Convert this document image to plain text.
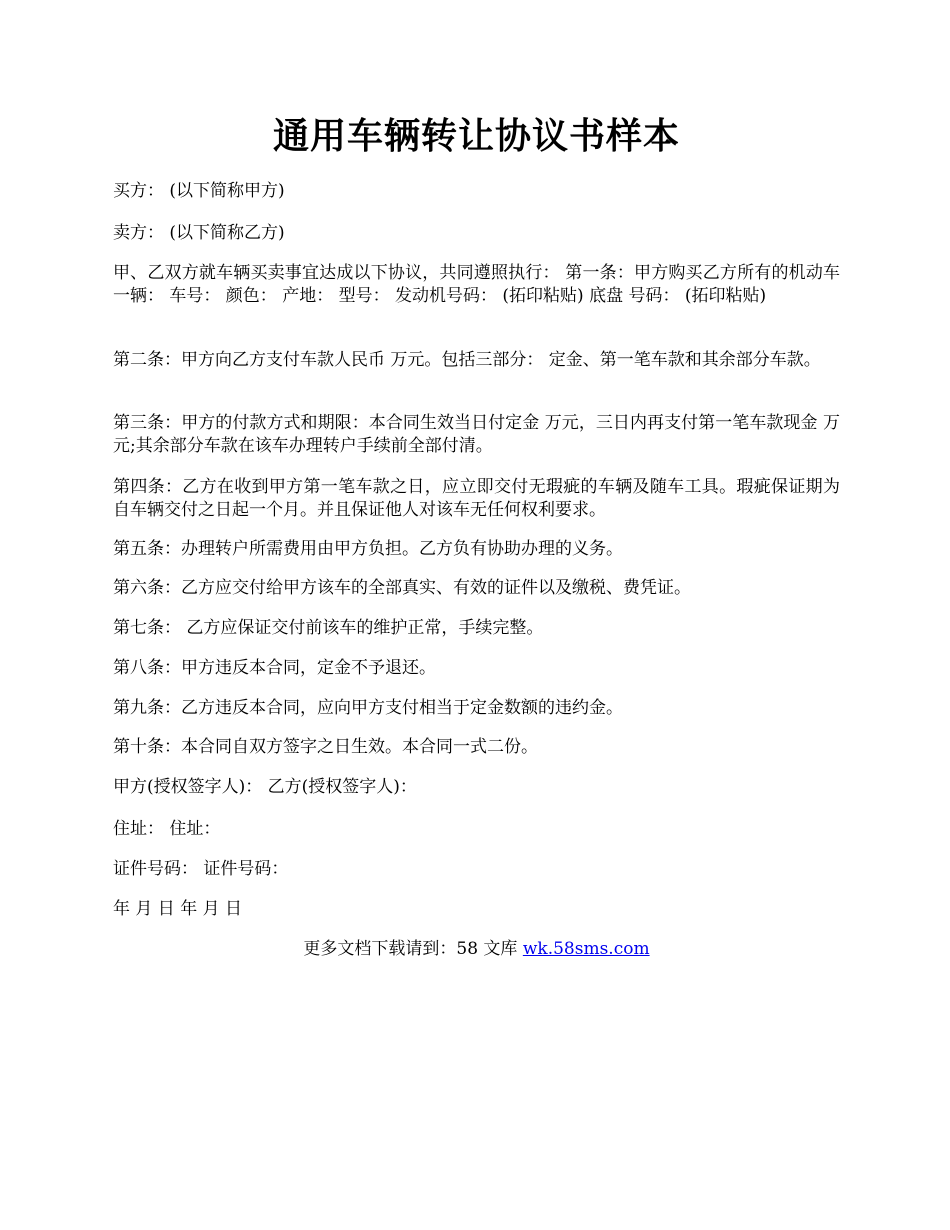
通用车辆转让协议书样本
买方： (以下简称甲方)
卖方： (以下简称乙方)
甲、乙双方就车辆买卖事宜达成以下协议，共同遵照执行： 第一条：甲方购买乙方所有的机动车一辆： 车号： 颜色： 产地： 型号： 发动机号码： (拓印粘贴) 底盘 号码： (拓印粘贴)
第二条：甲方向乙方支付车款人民币 万元。包括三部分： 定金、第一笔车款和其余部分车款。
第三条：甲方的付款方式和期限：本合同生效当日付定金 万元，三日内再支付第一笔车款现金 万元;其余部分车款在该车办理转户手续前全部付清。
第四条：乙方在收到甲方第一笔车款之日，应立即交付无瑕疵的车辆及随车工具。瑕疵保证期为自车辆交付之日起一个月。并且保证他人对该车无任何权利要求。
第五条：办理转户所需费用由甲方负担。乙方负有协助办理的义务。
第六条：乙方应交付给甲方该车的全部真实、有效的证件以及缴税、费凭证。
第七条： 乙方应保证交付前该车的维护正常，手续完整。
第八条：甲方违反本合同，定金不予退还。
第九条：乙方违反本合同，应向甲方支付相当于定金数额的违约金。
第十条：本合同自双方签字之日生效。本合同一式二份。
甲方(授权签字人)： 乙方(授权签字人)：
住址： 住址：
证件号码： 证件号码：
年 月 日 年 月 日
更多文档下载请到：58 文库 wk.58sms.com
